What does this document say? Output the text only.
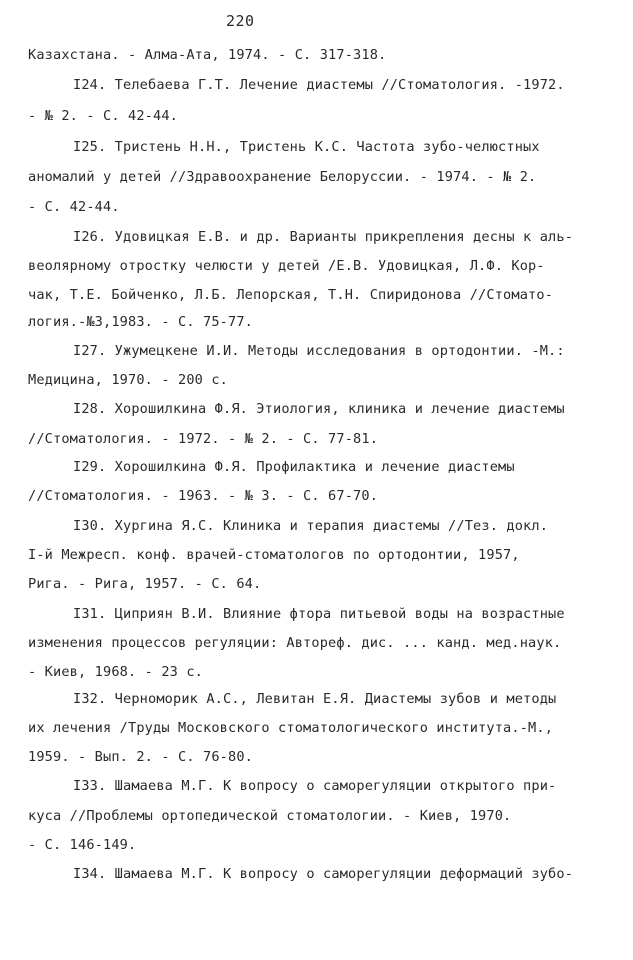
220
Казахстана. - Алма-Ата, 1974. - С. 317-318.
I24. Телебаева Г.Т. Лечение диастемы //Стоматология. -1972.
- № 2. - С. 42-44.
I25. Тристень Н.Н., Тристень К.С. Частота зубо-челюстных
аномалий у детей //Здравоохранение Белоруссии. - 1974. - № 2.
- С. 42-44.
I26. Удовицкая Е.В. и др. Варианты прикрепления десны к аль-
веолярному отростку челюсти у детей /Е.В. Удовицкая, Л.Ф. Кор-
чак, Т.Е. Бойченко, Л.Б. Лепорская, Т.Н. Спиридонова //Стомато-
логия.-№3,1983. - С. 75-77.
I27. Ужумецкене И.И. Методы исследования в ортодонтии. -М.:
Медицина, 1970. - 200 с.
I28. Хорошилкина Ф.Я. Этиология, клиника и лечение диастемы
//Стоматология. - 1972. - № 2. - С. 77-81.
I29. Хорошилкина Ф.Я. Профилактика и лечение диастемы
//Стоматология. - 1963. - № 3. - С. 67-70.
I30. Хургина Я.С. Клиника и терапия диастемы //Тез. докл.
I-й Межресп. конф. врачей-стоматологов по ортодонтии, 1957,
Рига. - Рига, 1957. - С. 64.
I31. Циприян В.И. Влияние фтора питьевой воды на возрастные
изменения процессов регуляции: Автореф. дис. ... канд. мед.наук.
- Киев, 1968. - 23 с.
I32. Черноморик А.С., Левитан Е.Я. Диастемы зубов и методы
их лечения /Труды Московского стоматологического института.-М.,
1959. - Вып. 2. - С. 76-80.
I33. Шамаева М.Г. К вопросу о саморегуляции открытого при-
куса //Проблемы ортопедической стоматологии. - Киев, 1970.
- С. 146-149.
I34. Шамаева М.Г. К вопросу о саморегуляции деформаций зубо-
